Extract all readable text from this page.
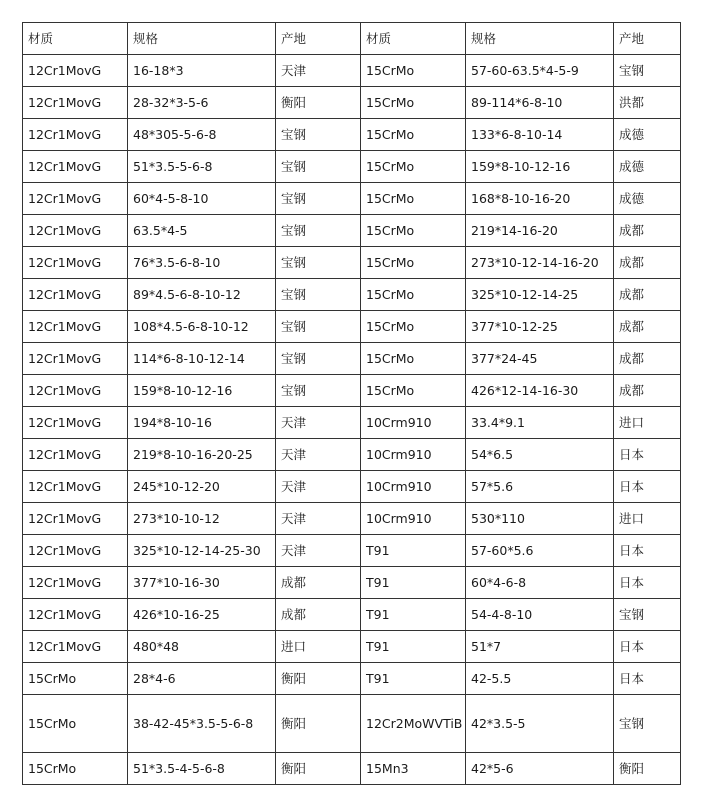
材质	规格	产地	材质	规格	产地
12Cr1MovG	16-18*3	天津	15CrMo	57-60-63.5*4-5-9	宝钢
12Cr1MovG	28-32*3-5-6	衡阳	15CrMo	89-114*6-8-10	洪都
12Cr1MovG	48*305-5-6-8	宝钢	15CrMo	133*6-8-10-14	成德
12Cr1MovG	51*3.5-5-6-8	宝钢	15CrMo	159*8-10-12-16	成德
12Cr1MovG	60*4-5-8-10	宝钢	15CrMo	168*8-10-16-20	成德
12Cr1MovG	63.5*4-5	宝钢	15CrMo	219*14-16-20	成都
12Cr1MovG	76*3.5-6-8-10	宝钢	15CrMo	273*10-12-14-16-20	成都
12Cr1MovG	89*4.5-6-8-10-12	宝钢	15CrMo	325*10-12-14-25	成都
12Cr1MovG	108*4.5-6-8-10-12	宝钢	15CrMo	377*10-12-25	成都
12Cr1MovG	114*6-8-10-12-14	宝钢	15CrMo	377*24-45	成都
12Cr1MovG	159*8-10-12-16	宝钢	15CrMo	426*12-14-16-30	成都
12Cr1MovG	194*8-10-16	天津	10Crm910	33.4*9.1	进口
12Cr1MovG	219*8-10-16-20-25	天津	10Crm910	54*6.5	日本
12Cr1MovG	245*10-12-20	天津	10Crm910	57*5.6	日本
12Cr1MovG	273*10-10-12	天津	10Crm910	530*110	进口
12Cr1MovG	325*10-12-14-25-30	天津	T91	57-60*5.6	日本
12Cr1MovG	377*10-16-30	成都	T91	60*4-6-8	日本
12Cr1MovG	426*10-16-25	成都	T91	54-4-8-10	宝钢
12Cr1MovG	480*48	进口	T91	51*7	日本
15CrMo	28*4-6	衡阳	T91	42-5.5	日本
15CrMo	38-42-45*3.5-5-6-8	衡阳	12Cr2MoWVTiB	42*3.5-5	宝钢
15CrMo	51*3.5-4-5-6-8	衡阳	15Mn3	42*5-6	衡阳
